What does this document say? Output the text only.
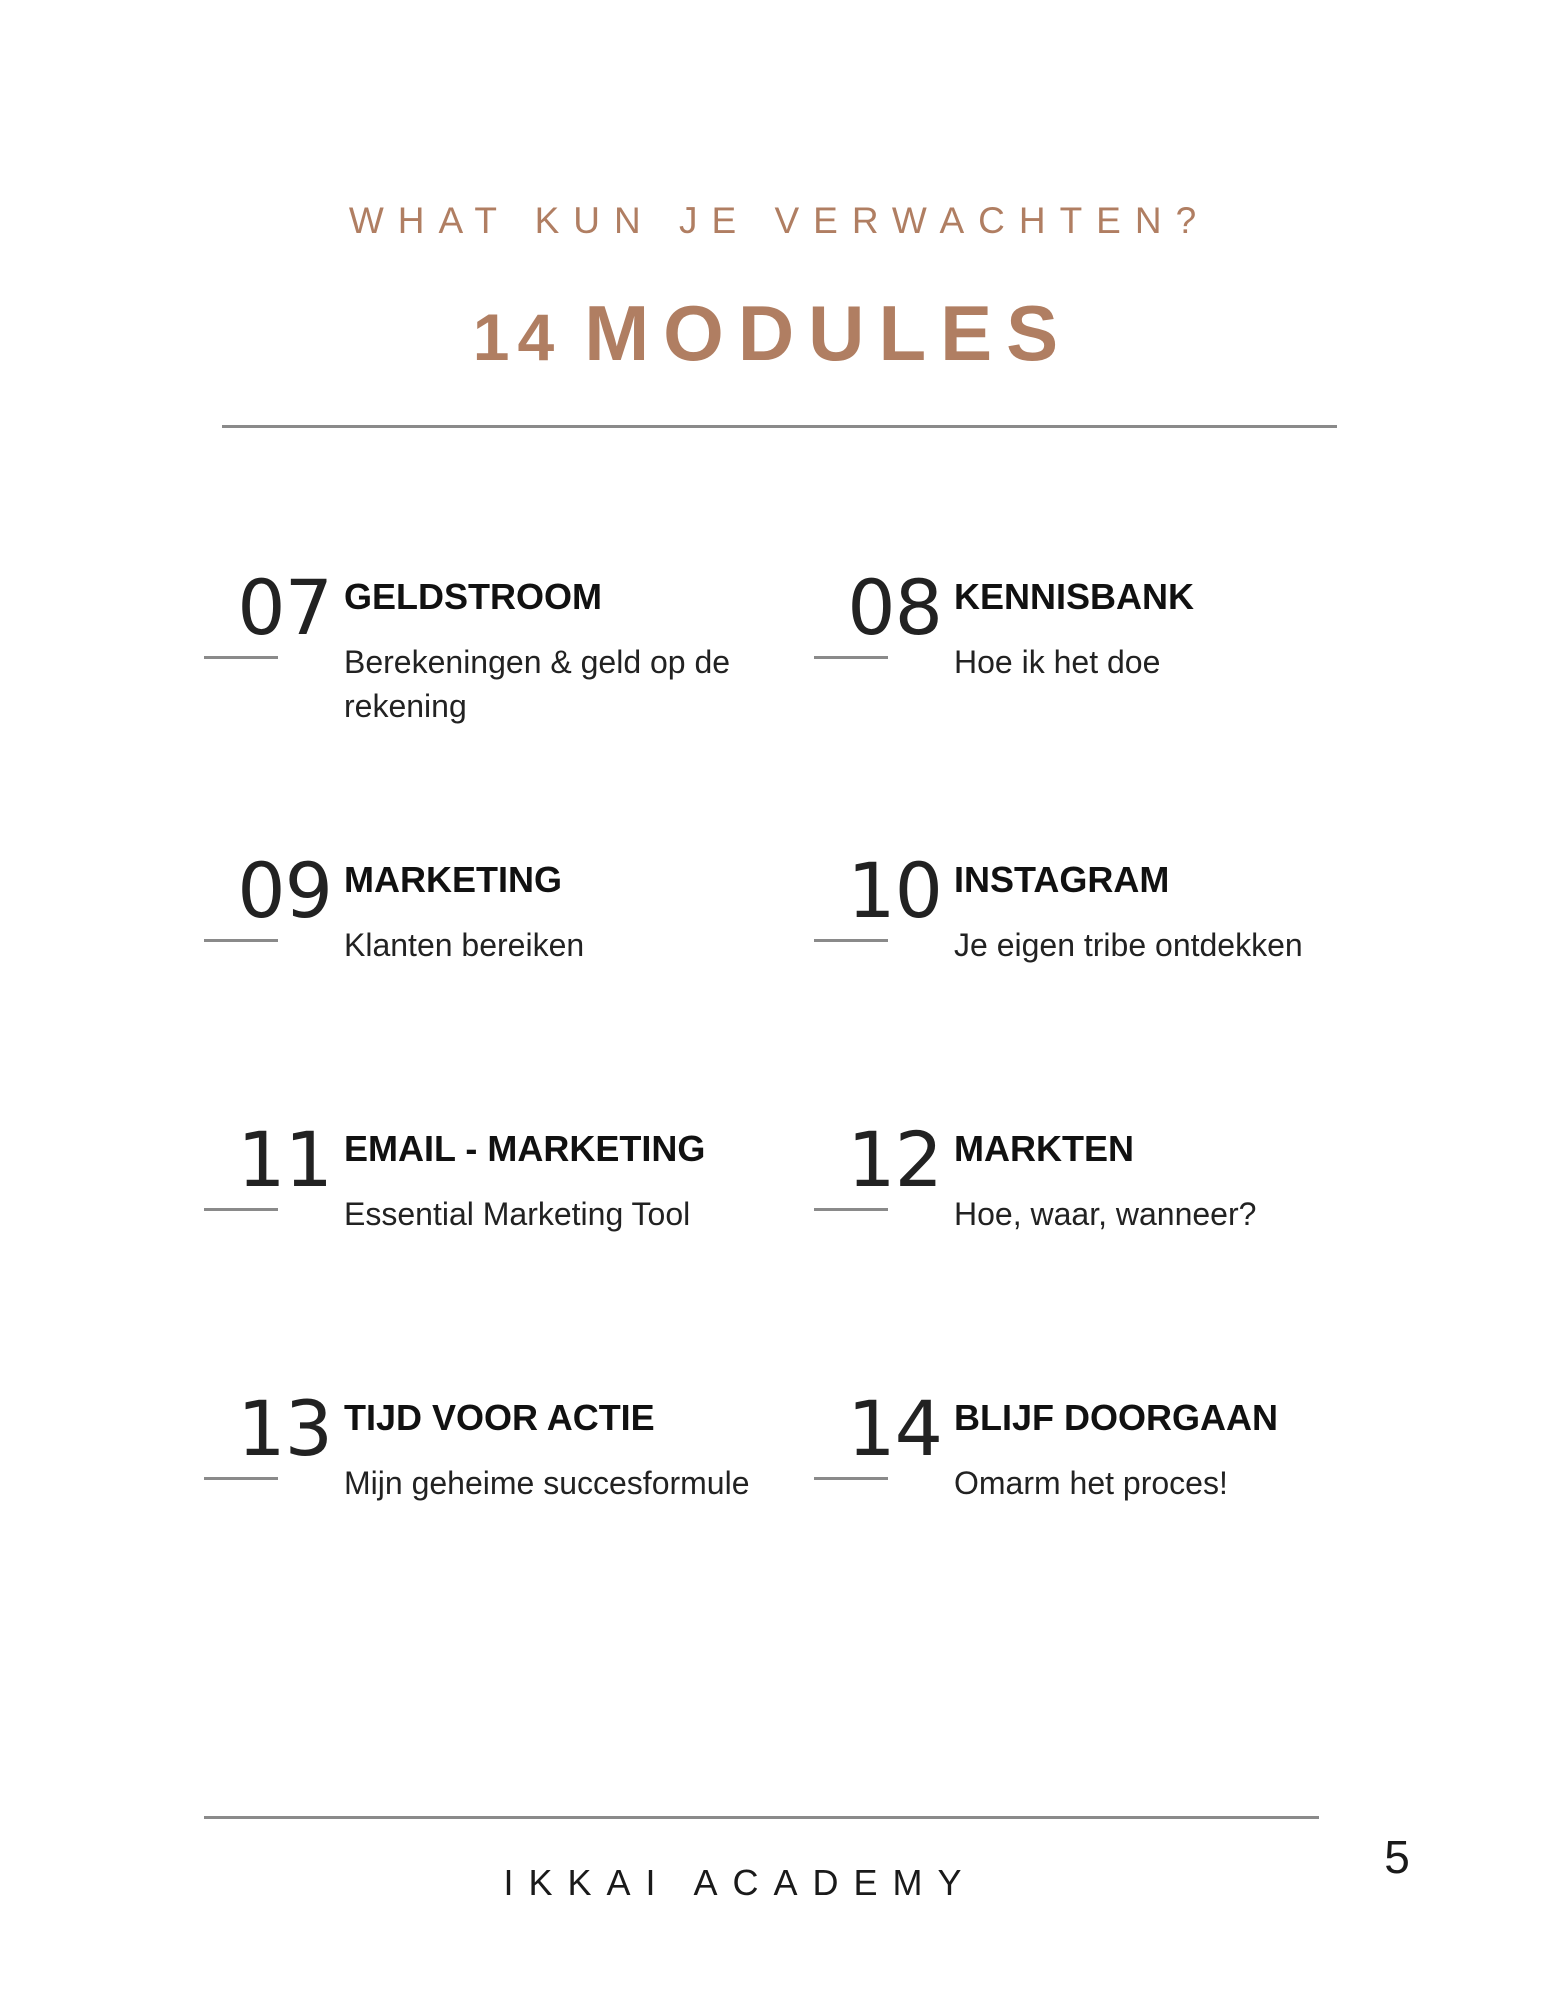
WHAT KUN JE VERWACHTEN?
14 MODULES
07 GELDSTROOM
Berekeningen & geld op de rekening
08 KENNISBANK
Hoe ik het doe
09 MARKETING
Klanten bereiken
10 INSTAGRAM
Je eigen tribe ontdekken
11 EMAIL - MARKETING
Essential Marketing Tool
12 MARKTEN
Hoe, waar, wanneer?
13 TIJD VOOR ACTIE
Mijn geheime succesformule
14 BLIJF DOORGAAN
Omarm het proces!
IKKAI ACADEMY	5
